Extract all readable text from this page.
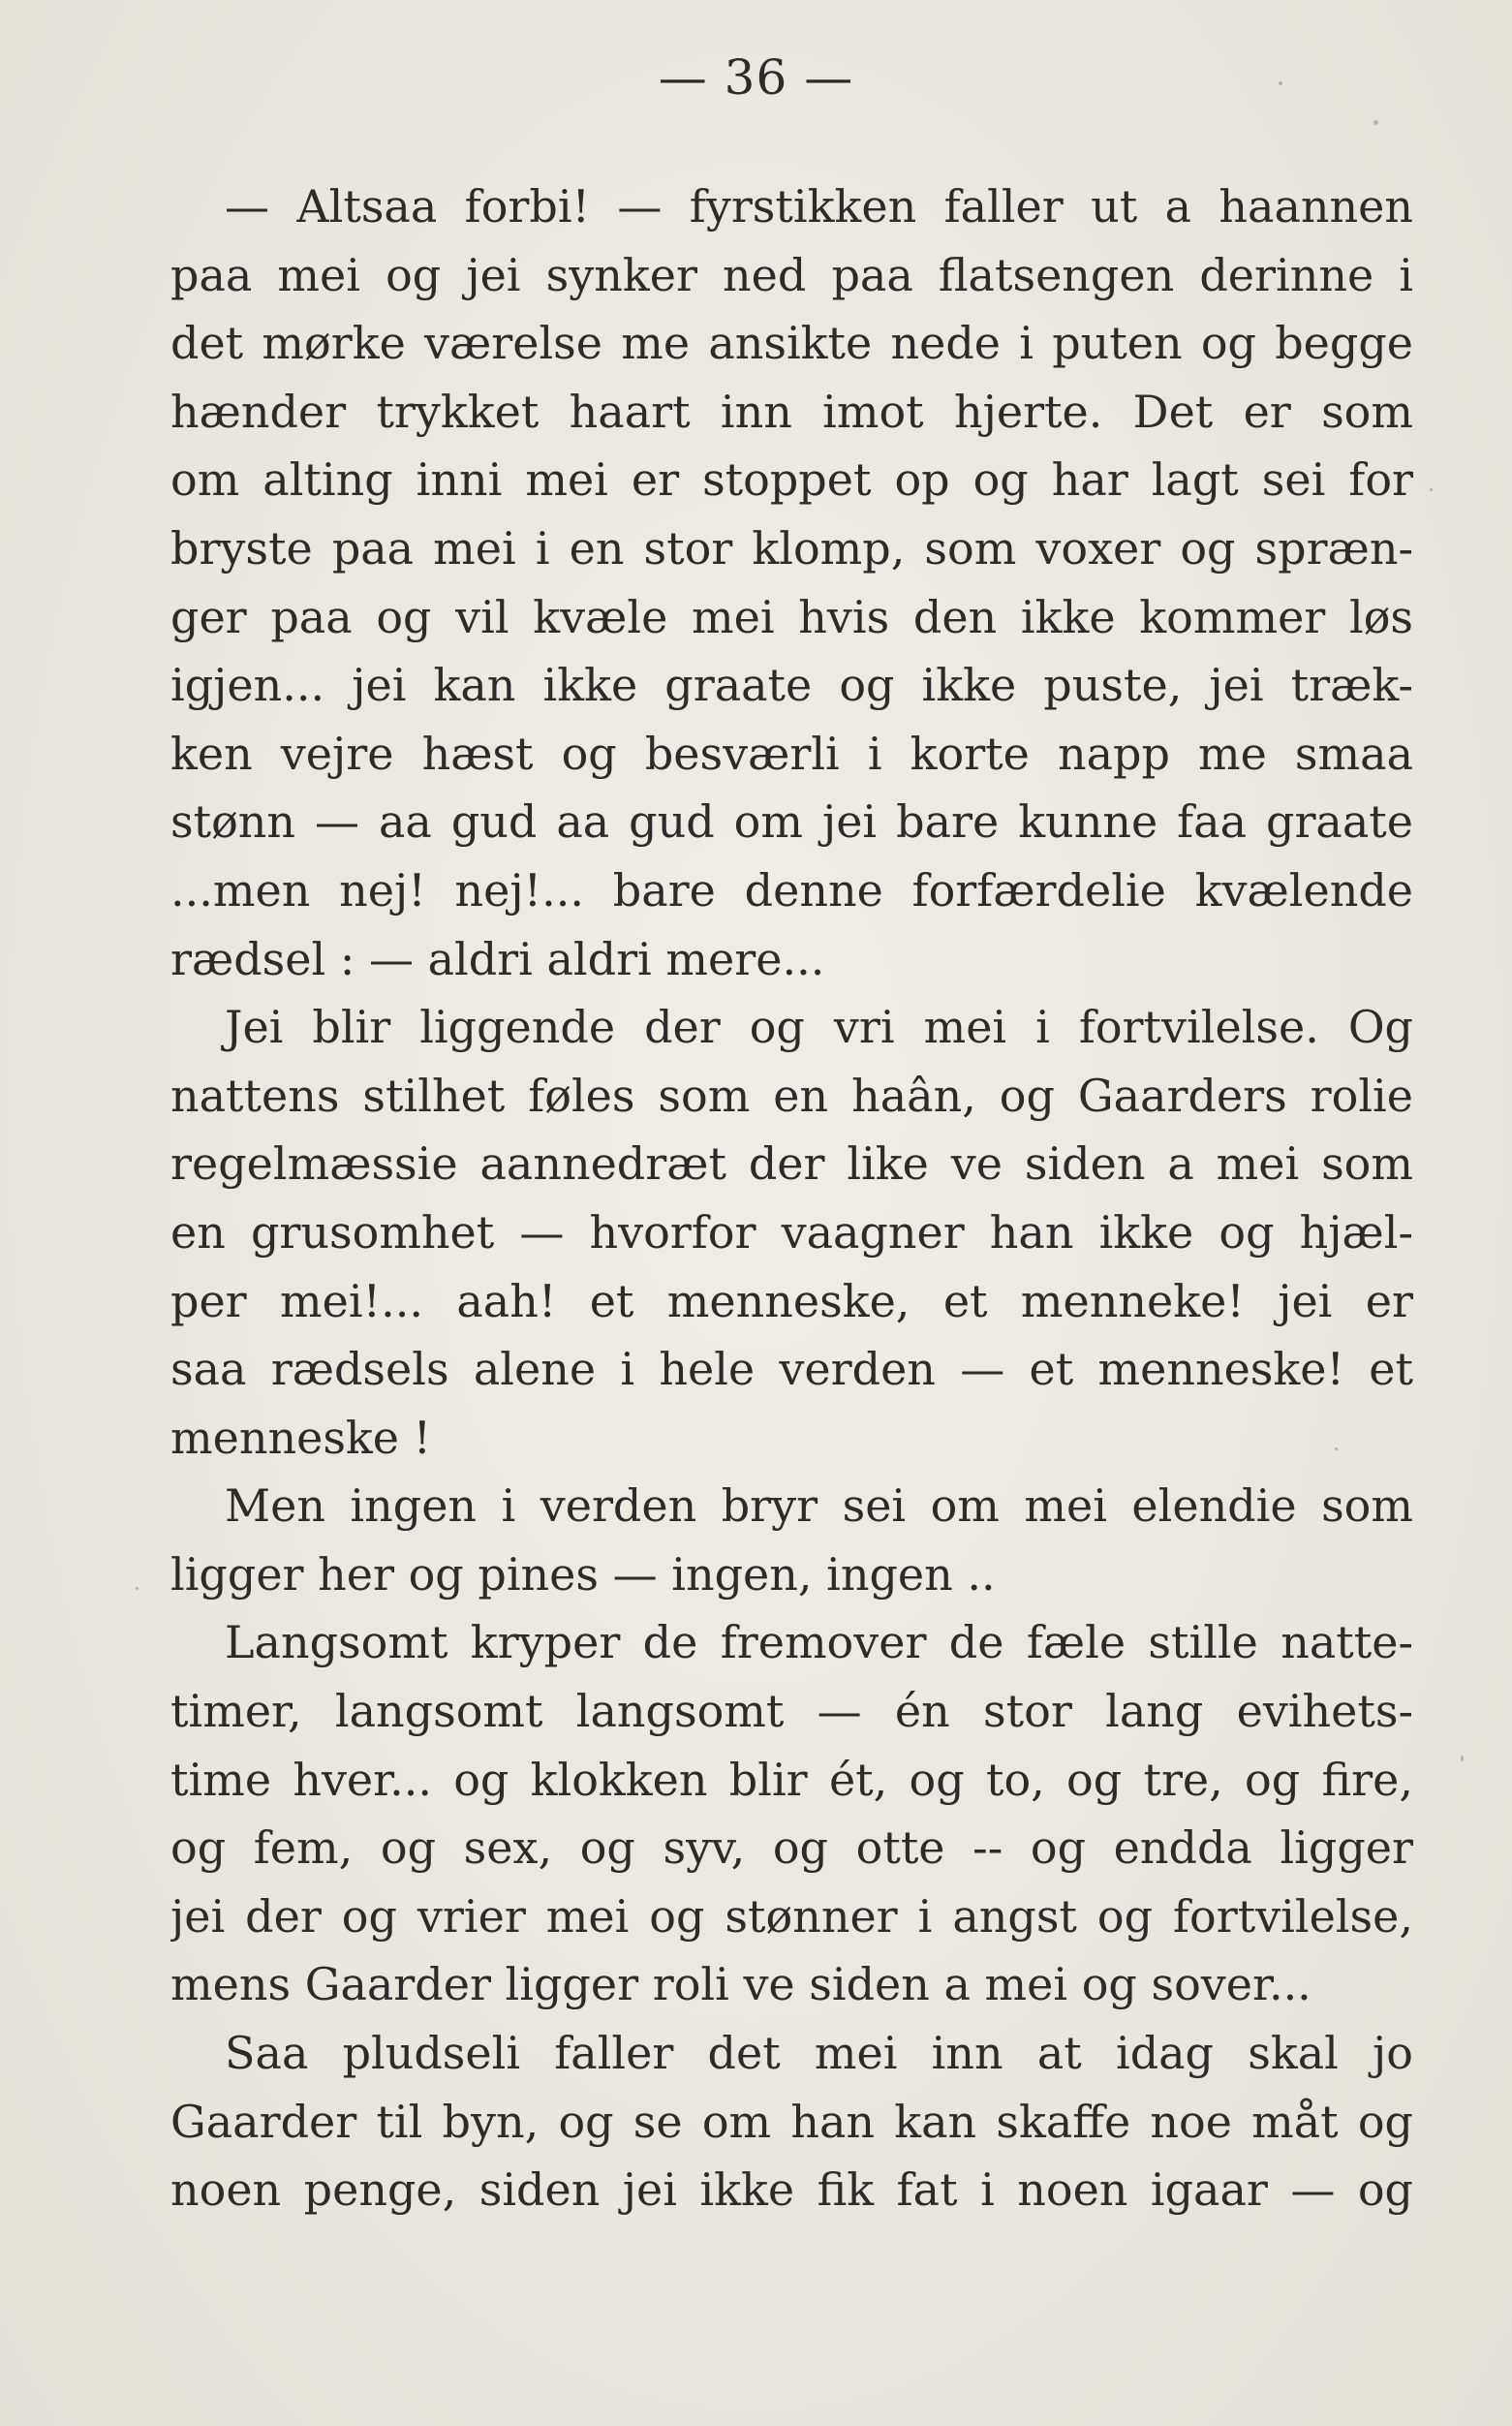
— 36 —
— Altsaa forbi! — fyrstikken faller ut a haannen
paa mei og jei synker ned paa flatsengen derinne i
det mørke værelse me ansikte nede i puten og begge
hænder trykket haart inn imot hjerte. Det er som
om alting inni mei er stoppet op og har lagt sei for
bryste paa mei i en stor klomp, som voxer og spræn-
ger paa og vil kvæle mei hvis den ikke kommer løs
igjen... jei kan ikke graate og ikke puste, jei træk-
ken vejre hæst og besværli i korte napp me smaa
stønn — aa gud aa gud om jei bare kunne faa graate
...men nej! nej!... bare denne forfærdelie kvælende
rædsel : — aldri aldri mere...
Jei blir liggende der og vri mei i fortvilelse. Og
nattens stilhet føles som en haân, og Gaarders rolie
regelmæssie aannedræt der like ve siden a mei som
en grusomhet — hvorfor vaagner han ikke og hjæl-
per mei!... aah! et menneske, et menneke! jei er
saa rædsels alene i hele verden — et menneske! et
menneske !
Men ingen i verden bryr sei om mei elendie som
ligger her og pines — ingen, ingen ..
Langsomt kryper de fremover de fæle stille natte-
timer, langsomt langsomt — én stor lang evihets-
time hver... og klokken blir ét, og to, og tre, og fire,
og fem, og sex, og syv, og otte -- og endda ligger
jei der og vrier mei og stønner i angst og fortvilelse,
mens Gaarder ligger roli ve siden a mei og sover...
Saa pludseli faller det mei inn at idag skal jo
Gaarder til byn, og se om han kan skaffe noe måt og
noen penge, siden jei ikke fik fat i noen igaar — og
